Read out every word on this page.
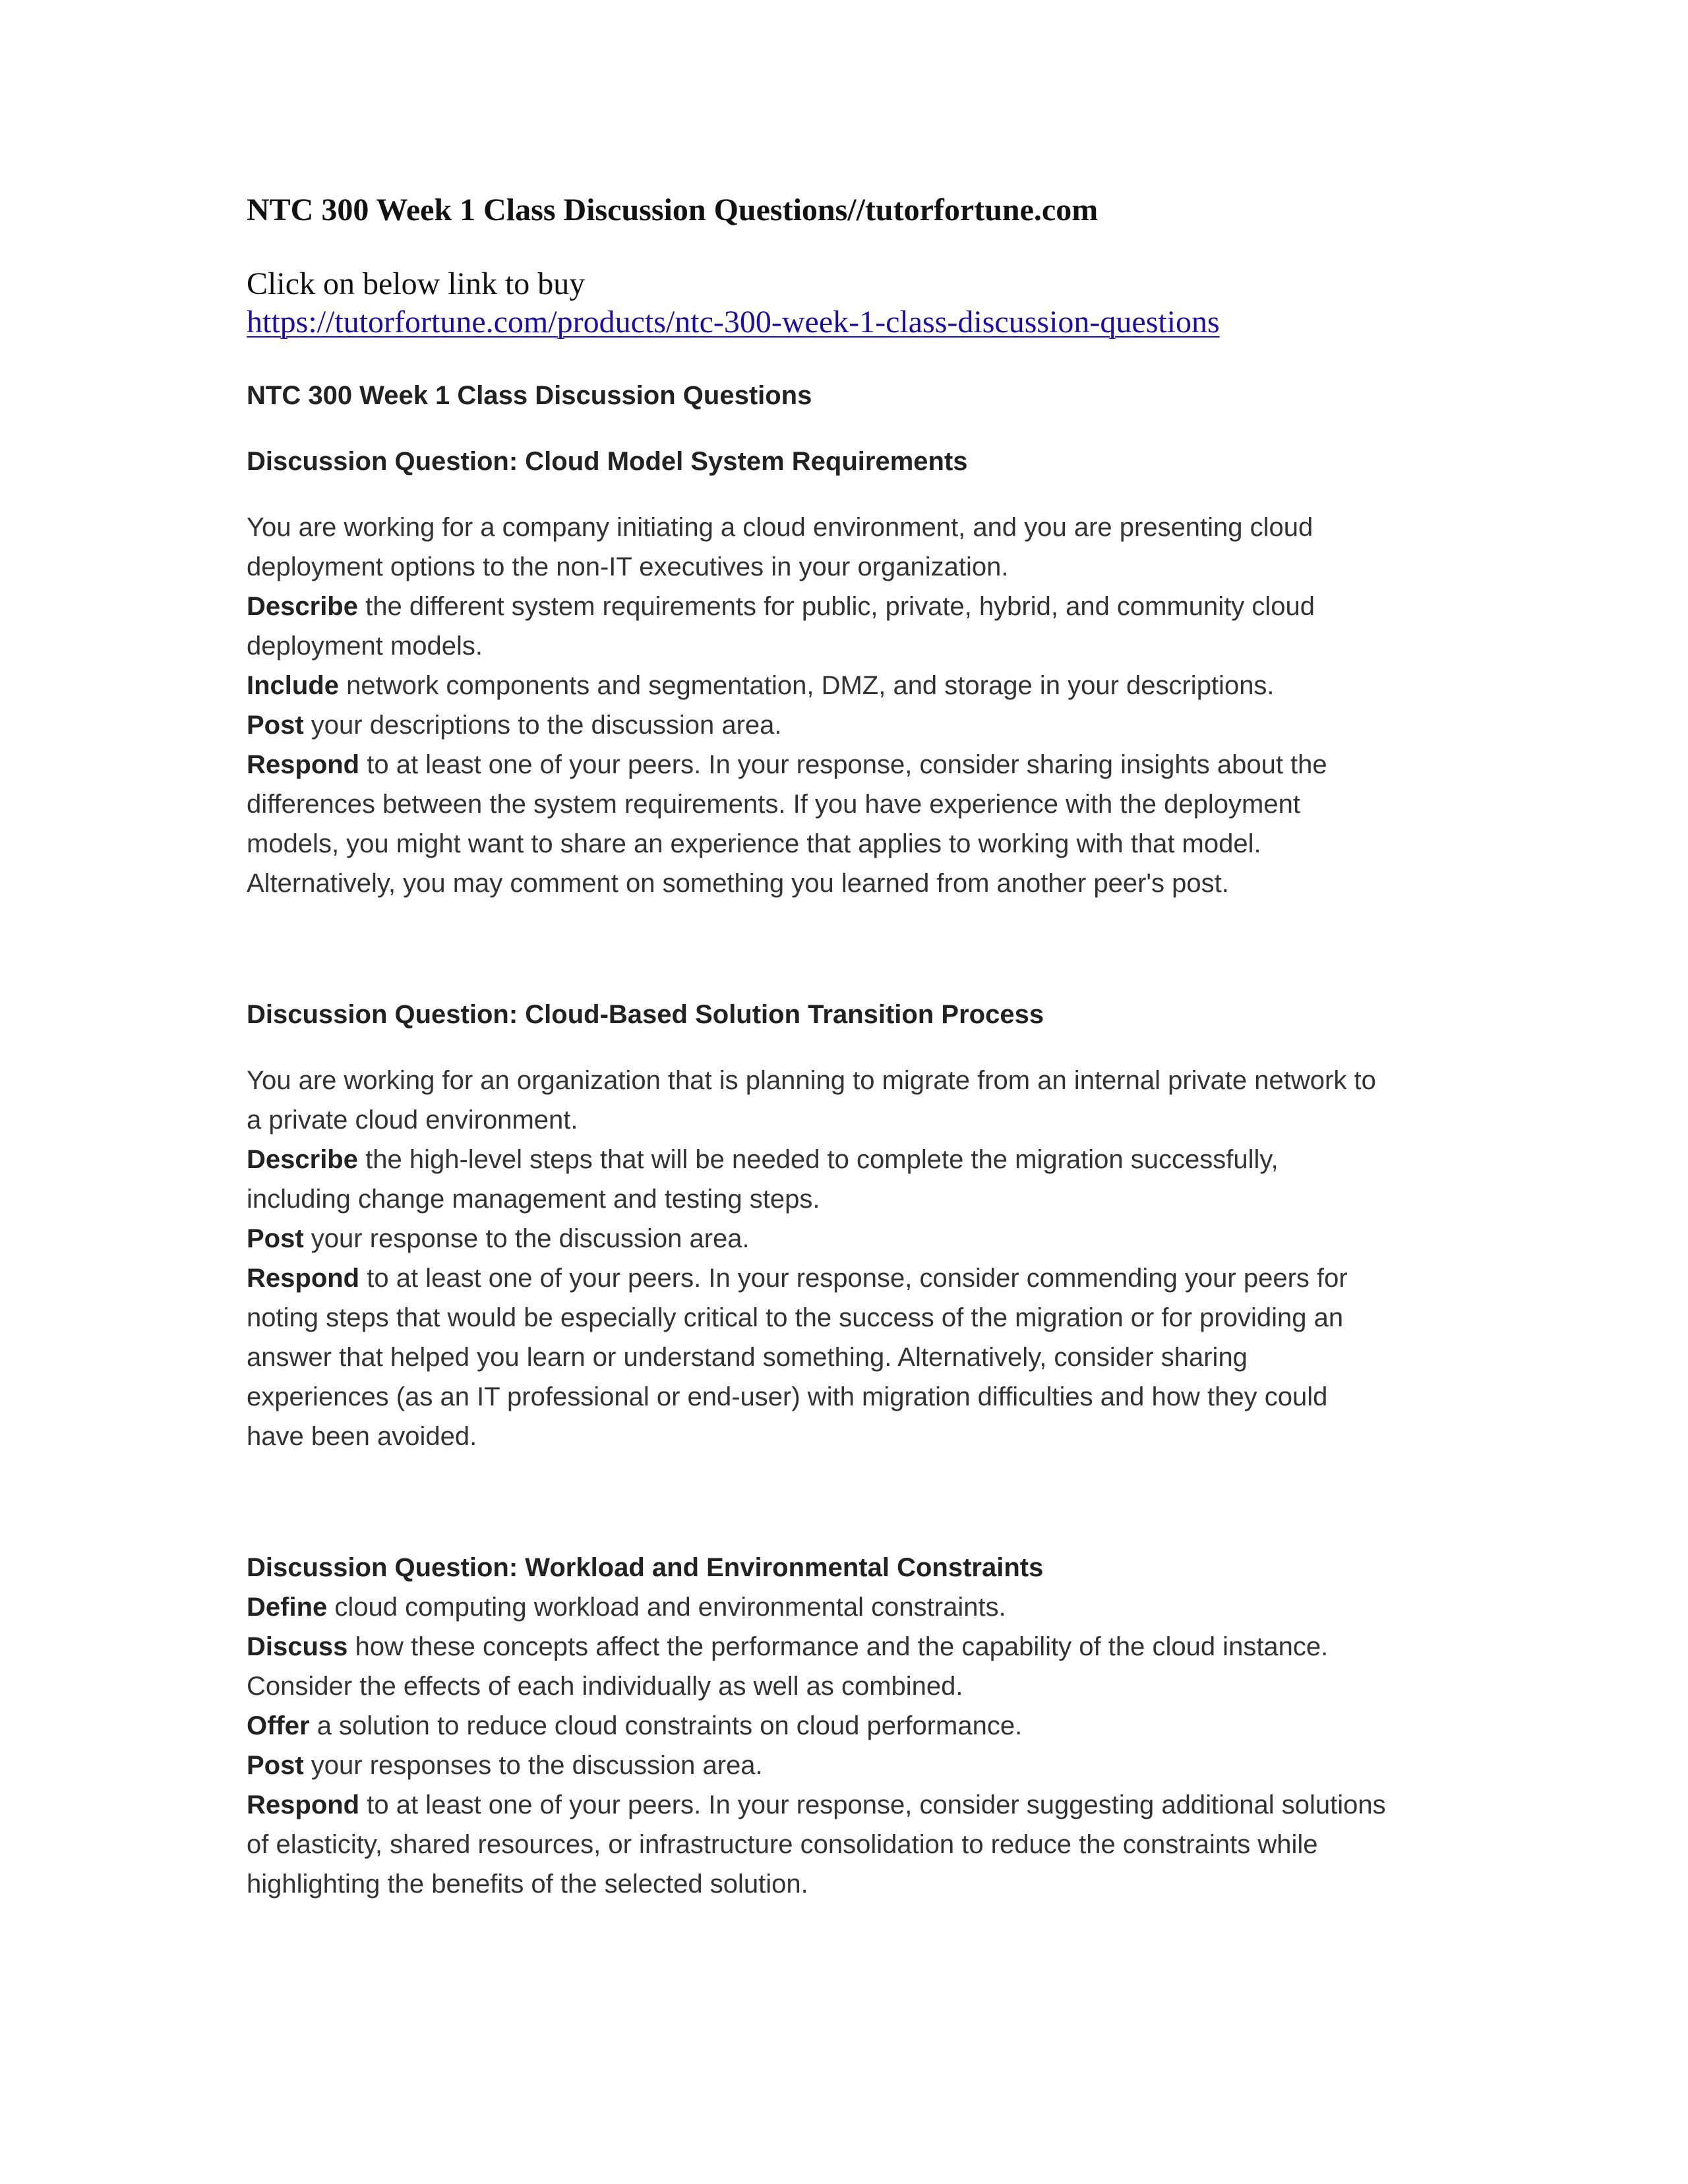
NTC 300 Week 1 Class Discussion Questions//tutorfortune.com
Click on below link to buy
https://tutorfortune.com/products/ntc-300-week-1-class-discussion-questions
NTC 300 Week 1 Class Discussion Questions
Discussion Question: Cloud Model System Requirements
You are working for a company initiating a cloud environment, and you are presenting cloud
deployment options to the non-IT executives in your organization.
Describe the different system requirements for public, private, hybrid, and community cloud
deployment models.
Include network components and segmentation, DMZ, and storage in your descriptions.
Post your descriptions to the discussion area.
Respond to at least one of your peers. In your response, consider sharing insights about the
differences between the system requirements. If you have experience with the deployment
models, you might want to share an experience that applies to working with that model.
Alternatively, you may comment on something you learned from another peer's post.
Discussion Question: Cloud-Based Solution Transition Process
You are working for an organization that is planning to migrate from an internal private network to
a private cloud environment.
Describe the high-level steps that will be needed to complete the migration successfully,
including change management and testing steps.
Post your response to the discussion area.
Respond to at least one of your peers. In your response, consider commending your peers for
noting steps that would be especially critical to the success of the migration or for providing an
answer that helped you learn or understand something. Alternatively, consider sharing
experiences (as an IT professional or end-user) with migration difficulties and how they could
have been avoided.
Discussion Question: Workload and Environmental Constraints
Define cloud computing workload and environmental constraints.
Discuss how these concepts affect the performance and the capability of the cloud instance.
Consider the effects of each individually as well as combined.
Offer a solution to reduce cloud constraints on cloud performance.
Post your responses to the discussion area.
Respond to at least one of your peers. In your response, consider suggesting additional solutions
of elasticity, shared resources, or infrastructure consolidation to reduce the constraints while
highlighting the benefits of the selected solution.
